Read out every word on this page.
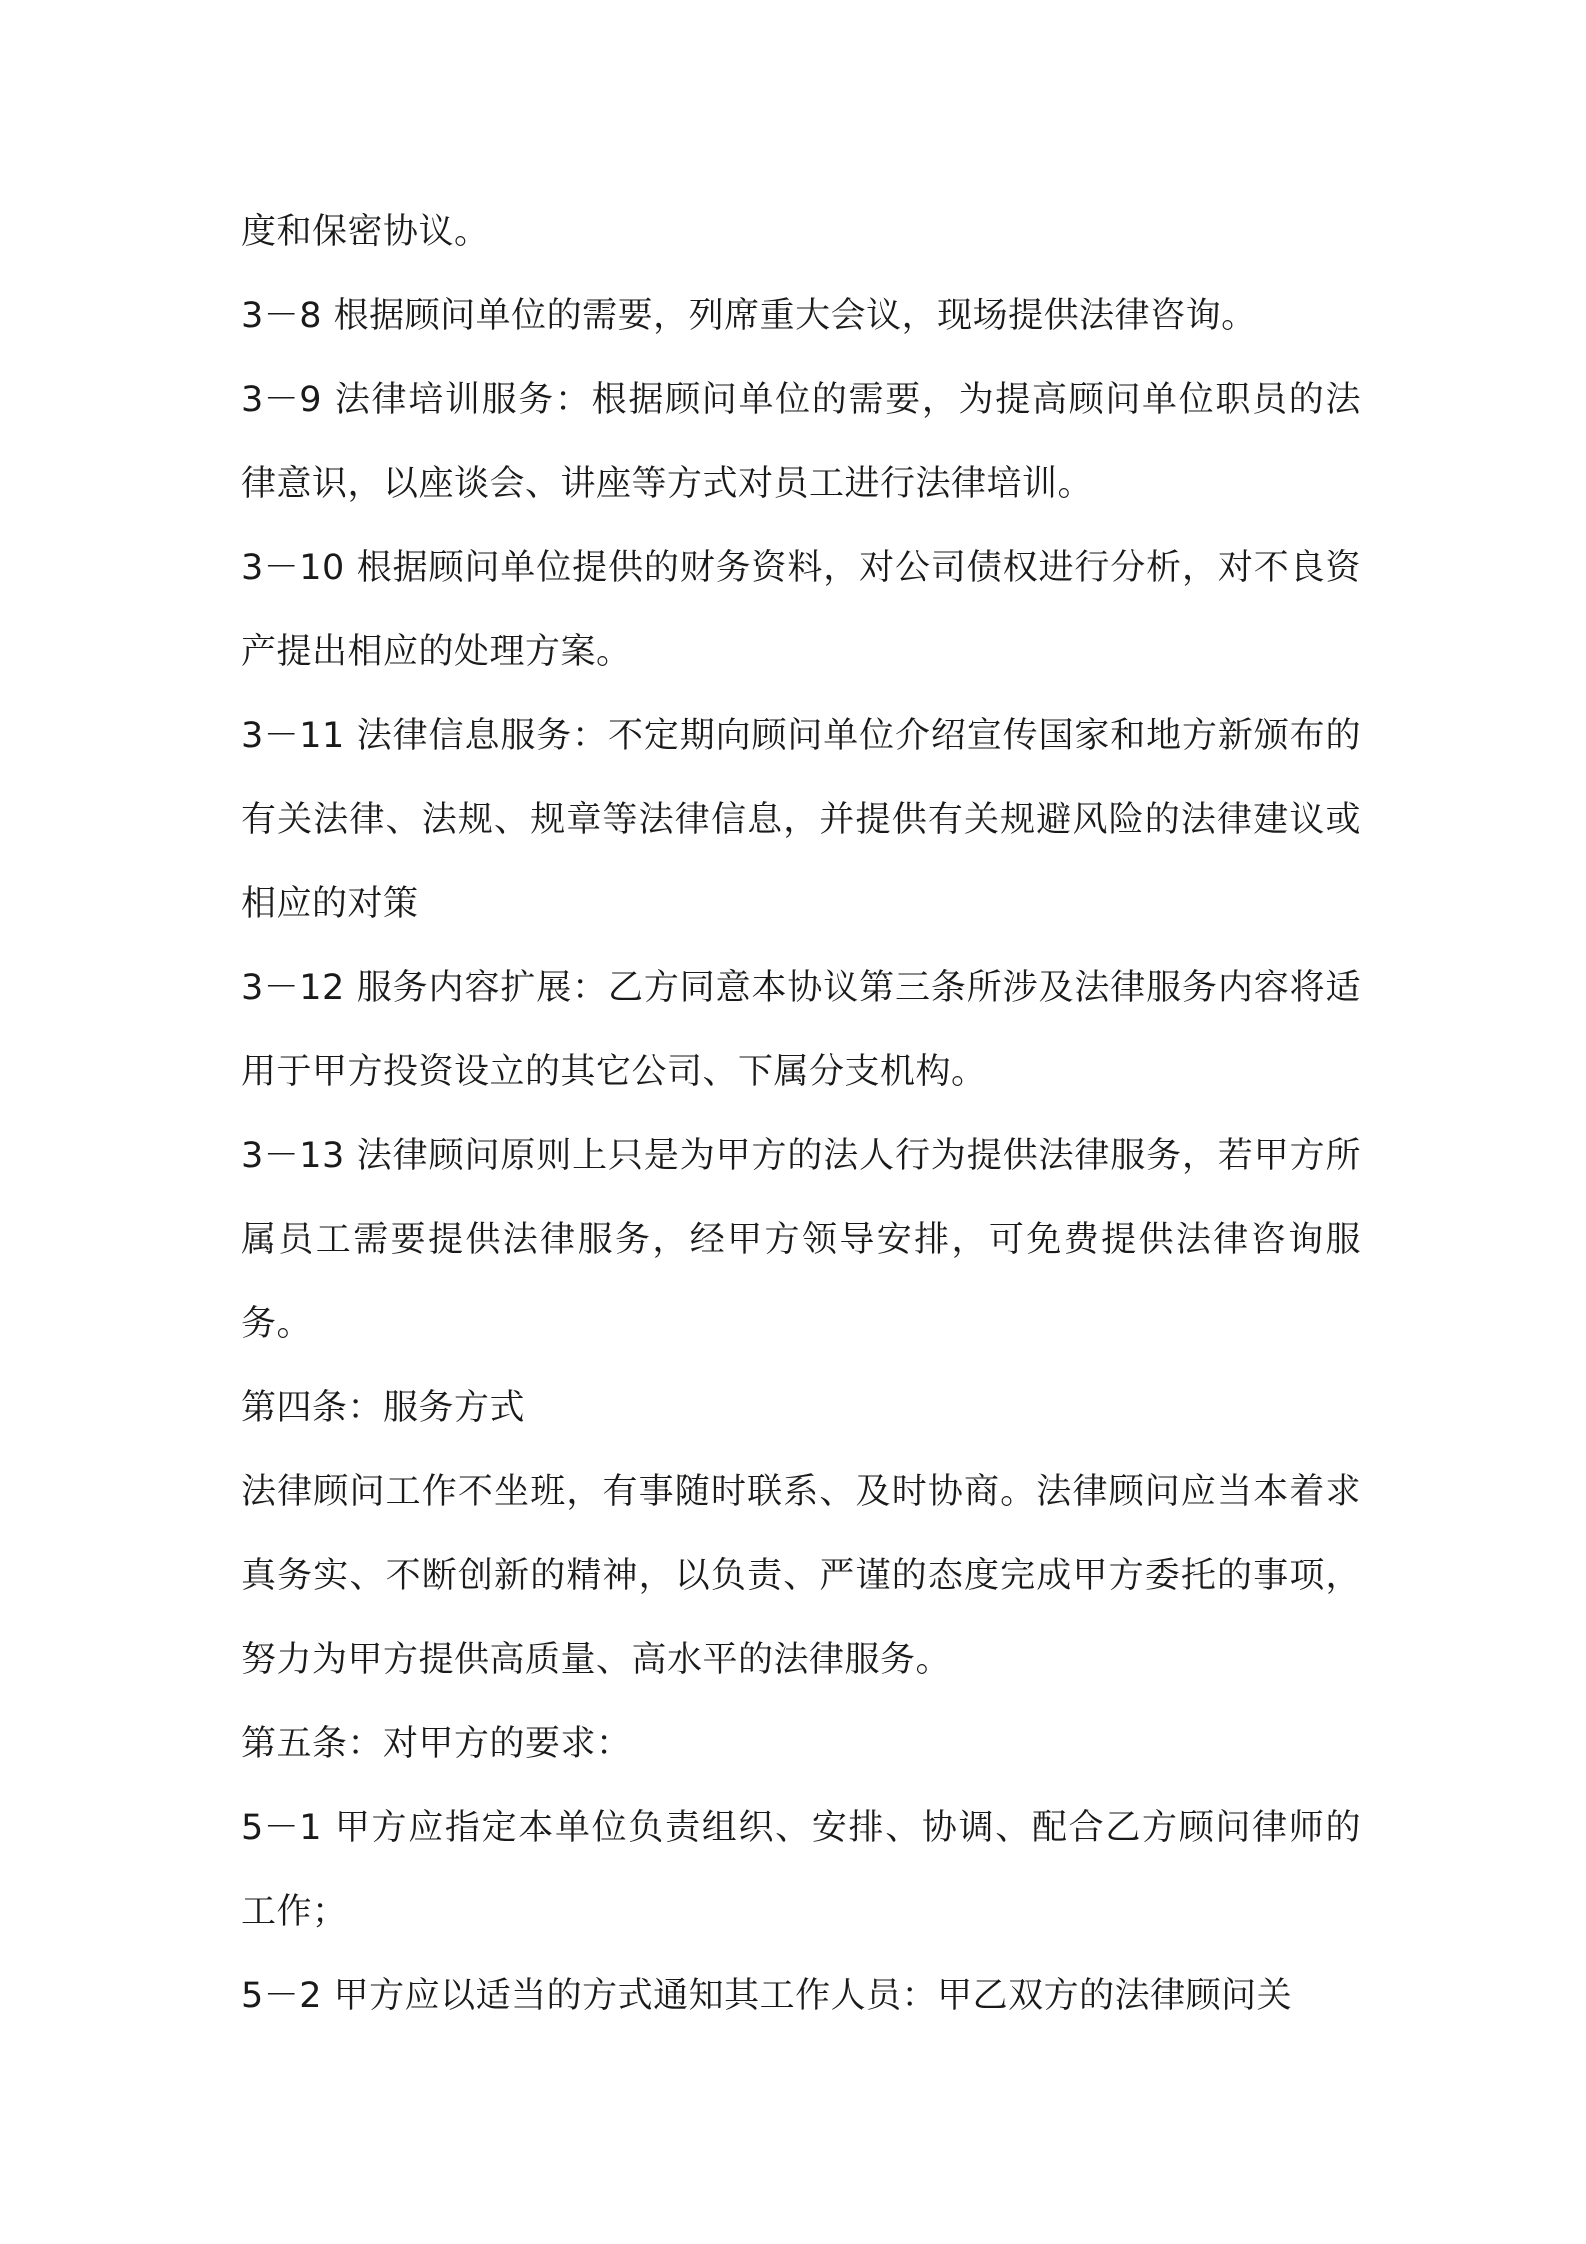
度和保密协议。

3－8 根据顾问单位的需要，列席重大会议，现场提供法律咨询。

3－9 法律培训服务：根据顾问单位的需要，为提高顾问单位职员的法律意识，以座谈会、讲座等方式对员工进行法律培训。

3－10 根据顾问单位提供的财务资料，对公司债权进行分析，对不良资产提出相应的处理方案。

3－11 法律信息服务：不定期向顾问单位介绍宣传国家和地方新颁布的有关法律、法规、规章等法律信息，并提供有关规避风险的法律建议或相应的对策

3－12 服务内容扩展：乙方同意本协议第三条所涉及法律服务内容将适用于甲方投资设立的其它公司、下属分支机构。

3－13 法律顾问原则上只是为甲方的法人行为提供法律服务，若甲方所属员工需要提供法律服务，经甲方领导安排，可免费提供法律咨询服务。

第四条：服务方式

法律顾问工作不坐班，有事随时联系、及时协商。法律顾问应当本着求真务实、不断创新的精神，以负责、严谨的态度完成甲方委托的事项，努力为甲方提供高质量、高水平的法律服务。

第五条：对甲方的要求：

5－1 甲方应指定本单位负责组织、安排、协调、配合乙方顾问律师的工作；

5－2 甲方应以适当的方式通知其工作人员：甲乙双方的法律顾问关
